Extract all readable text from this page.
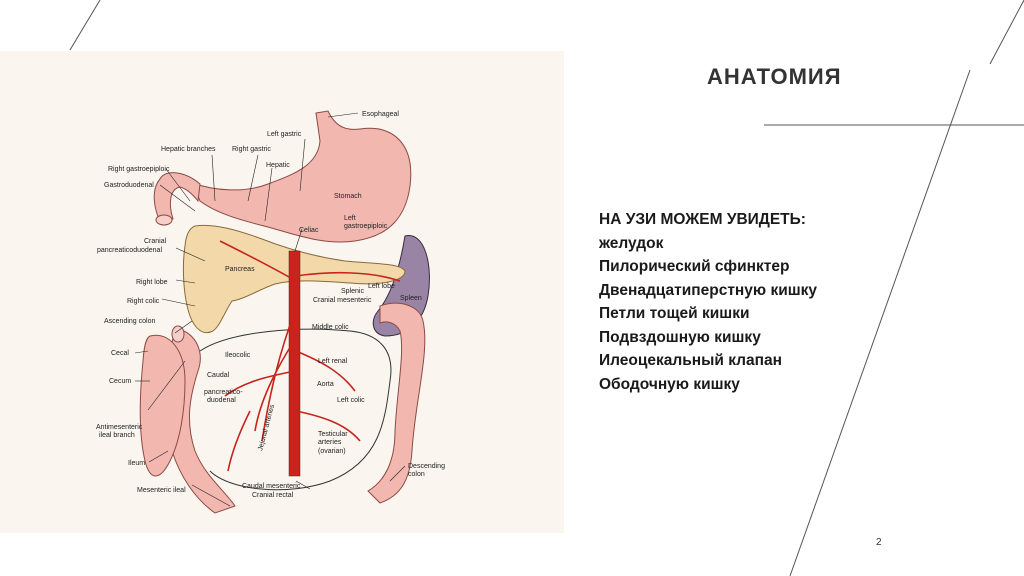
Esophageal
Left gastric
Hepatic branches Right gastric
Right gastroepiploic
Hepatic
Gastroduodenal
Stomach
Left
gastroepiploic
Celiac
Cranial
pancreaticoduodenal
Pancreas
Right lobe
Splenic
Left lobe
Right colic	Cranial mesenteric	Spleen
Ascending colon
Middle colic
Cecal	Ileocolic
Left renal
Cecum
Caudal
pancreatico-
duodenal
Aorta
Left colic
Antimesenteric
ileal branch	Jejunal arteries	Testicular
arteries
(ovarian)
Ileum	Descending
colon
Mesenteric ileal
Caudal mesenteric
Cranial rectal
АНАТОМИЯ
НА УЗИ МОЖЕМ УВИДЕТЬ:
желудок
Пилорический сфинктер
Двенадцатиперстную кишку
Петли тощей кишки
Подвздошную кишку
Илеоцекальный клапан
Ободочную кишку
2
